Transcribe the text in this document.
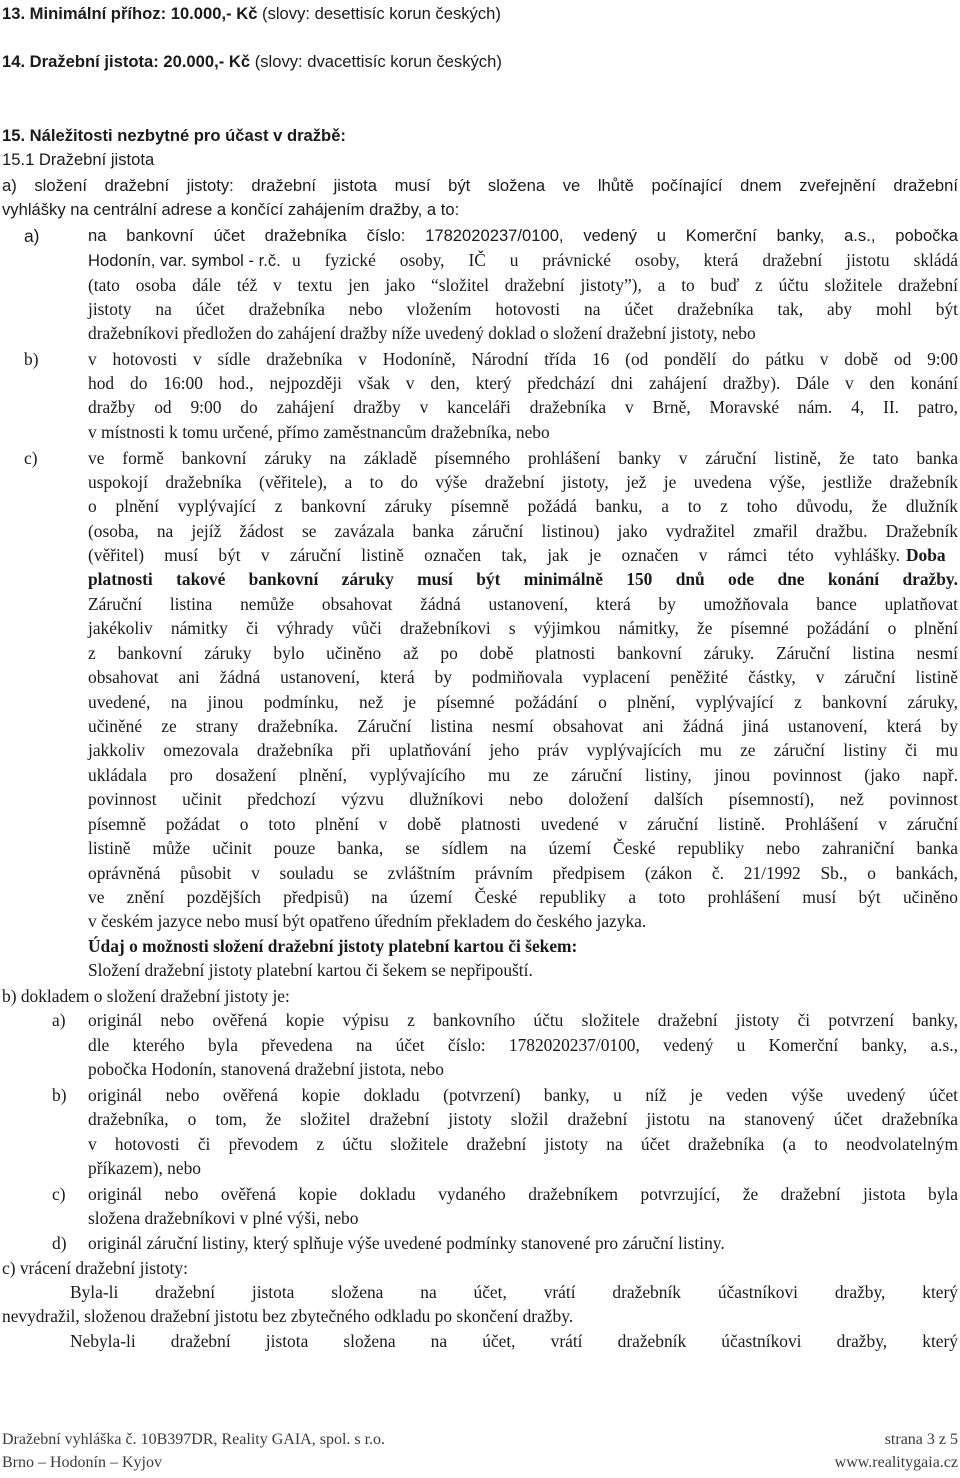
13. Minimální příhoz: 10.000,- Kč (slovy: desettisíc korun českých)
14. Dražební jistota: 20.000,- Kč (slovy: dvacettisíc korun českých)
15. Náležitosti nezbytné pro účast v dražbě:
15.1 Dražební jistota
a) složení dražební jistoty: dražební jistota musí být složena ve lhůtě počínající dnem zveřejnění dražební
vyhlášky na centrální adrese a končící zahájením dražby, a to:
a)	na bankovní účet dražebníka číslo: 1782020237/0100, vedený u Komerční banky, a.s., pobočka
Hodonín, var. symbol - r.č. u fyzické osoby, IČ u právnické osoby, která dražební jistotu skládá
(tato osoba dále též v textu jen jako “složitel dražební jistoty”), a to buď z účtu složitele dražební
jistoty na účet dražebníka nebo vložením hotovosti na účet dražebníka tak, aby mohl být
dražebníkovi předložen do zahájení dražby níže uvedený doklad o složení dražební jistoty, nebo
b)	v hotovosti v sídle dražebníka v Hodoníně, Národní třída 16 (od pondělí do pátku v době od 9:00
hod do 16:00 hod., nejpozději však v den, který předchází dni zahájení dražby). Dále v den konání
dražby od 9:00 do zahájení dražby v kanceláři dražebníka v Brně, Moravské nám. 4, II. patro,
v místnosti k tomu určené, přímo zaměstnancům dražebníka, nebo
c)	ve formě bankovní záruky na základě písemného prohlášení banky v záruční listině, že tato banka
uspokojí dražebníka (věřitele), a to do výše dražební jistoty, jež je uvedena výše, jestliže dražebník
o plnění vyplývající z bankovní záruky písemně požádá banku, a to z toho důvodu, že dlužník
(osoba, na jejíž žádost se zavázala banka záruční listinou) jako vydražitel zmařil dražbu. Dražebník
(věřitel) musí být v záruční listině označen tak, jak je označen v rámci této vyhlášky. Doba
platnosti takové bankovní záruky musí být minimálně 150 dnů ode dne konání dražby.
Záruční listina nemůže obsahovat žádná ustanovení, která by umožňovala bance uplatňovat
jakékoliv námitky či výhrady vůči dražebníkovi s výjimkou námitky, že písemné požádání o plnění
z bankovní záruky bylo učiněno až po době platnosti bankovní záruky. Záruční listina nesmí
obsahovat ani žádná ustanovení, která by podmiňovala vyplacení peněžité částky, v záruční listině
uvedené, na jinou podmínku, než je písemné požádání o plnění, vyplývající z bankovní záruky,
učiněné ze strany dražebníka. Záruční listina nesmí obsahovat ani žádná jiná ustanovení, která by
jakkoliv omezovala dražebníka při uplatňování jeho práv vyplývajících mu ze záruční listiny či mu
ukládala pro dosažení plnění, vyplývajícího mu ze záruční listiny, jinou povinnost (jako např.
povinnost učinit předchozí výzvu dlužníkovi nebo doložení dalších písemností), než povinnost
písemně požádat o toto plnění v době platnosti uvedené v záruční listině. Prohlášení v záruční
listině může učinit pouze banka, se sídlem na území České republiky nebo zahraniční banka
oprávněná působit v souladu se zvláštním právním předpisem (zákon č. 21/1992 Sb., o bankách,
ve znění pozdějších předpisů) na území České republiky a toto prohlášení musí být učiněno
v českém jazyce nebo musí být opatřeno úředním překladem do českého jazyka.
Údaj o možnosti složení dražební jistoty platební kartou či šekem:
Složení dražební jistoty platební kartou či šekem se nepřipouští.
b) dokladem o složení dražební jistoty je:
a) originál nebo ověřená kopie výpisu z bankovního účtu složitele dražební jistoty či potvrzení banky,
dle kterého byla převedena na účet číslo: 1782020237/0100, vedený u Komerční banky, a.s.,
pobočka Hodonín, stanovená dražební jistota, nebo
b) originál nebo ověřená kopie dokladu (potvrzení) banky, u níž je veden výše uvedený účet
dražebníka, o tom, že složitel dražební jistoty složil dražební jistotu na stanovený účet dražebníka
v hotovosti či převodem z účtu složitele dražební jistoty na účet dražebníka (a to neodvolatelným
příkazem), nebo
c) originál nebo ověřená kopie dokladu vydaného dražebníkem potvrzující, že dražební jistota byla
složena dražebníkovi v plné výši, nebo
d) originál záruční listiny, který splňuje výše uvedené podmínky stanovené pro záruční listiny.
c) vrácení dražební jistoty:
Byla-li dražební jistota složena na účet, vrátí dražebník účastníkovi dražby, který
nevydražil, složenou dražební jistotu bez zbytečného odkladu po skončení dražby.
Nebyla-li dražební jistota složena na účet, vrátí dražebník účastníkovi dražby, který
Dražební vyhláška č. 10B397DR, Reality GAIA, spol. s r.o.
Brno – Hodonín – Kyjov
strana 3 z 5
www.realitygaia.cz
